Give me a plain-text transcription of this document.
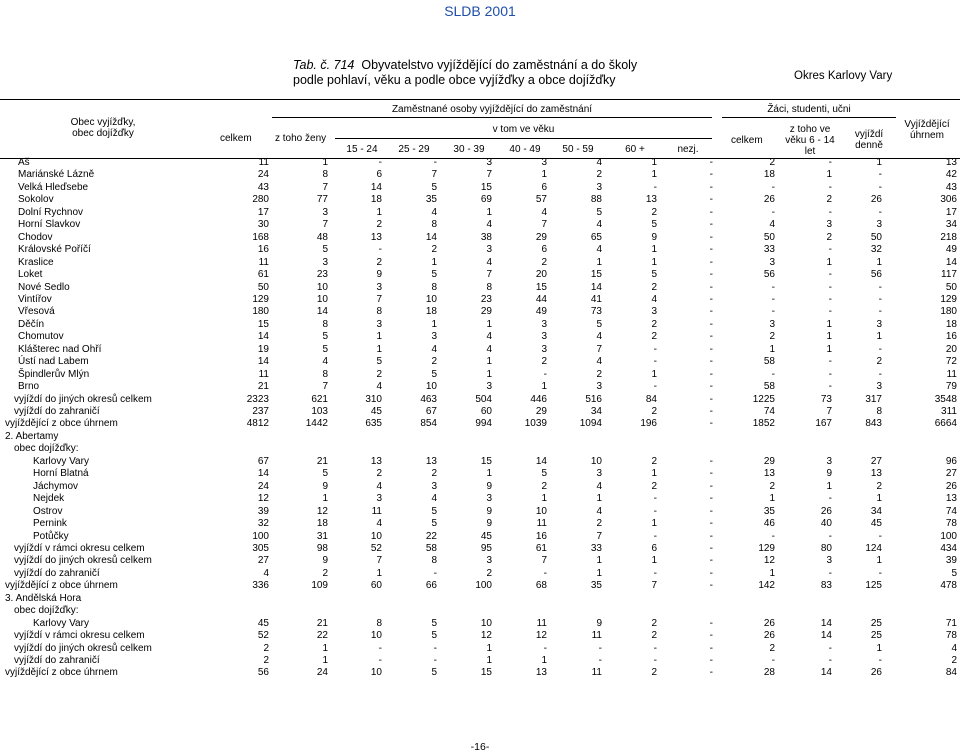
SLDB 2001
Tab. č. 714 Obyvatelstvo vyjíždějící do zaměstnání a do školy
podle pohlaví, věku a podle obce vyjížďky a obce dojížďky	Okres Karlovy Vary
Obec vyjížďky,
obec dojížďky
Zaměstnané osoby vyjíždějící do zaměstnání
celkem z toho ženy
v tom ve věku
15 - 24	25 - 29	30 - 39	40 - 49	50 - 59	60 +	nezj.
Žáci, studenti, učni
celkem
z toho ve
věku 6 - 14
let
vyjíždí
denně
Vyjíždějící
úhrnem
Aš	11	1	-	-	3	3	4	1	-	2	-	1	13
Mariánské Lázně	24	8	6	7	7	1	2	1	-	18	1	-	42
Velká Hleďsebe	43	7	14	5	15	6	3	-	-	-	-	-	43
Sokolov	280	77	18	35	69	57	88	13	-	26	2	26	306
Dolní Rychnov	17	3	1	4	1	4	5	2	-	-	-	-	17
Horní Slavkov	30	7	2	8	4	7	4	5	-	4	3	3	34
Chodov	168	48	13	14	38	29	65	9	-	50	2	50	218
Královské Poříčí	16	5	-	2	3	6	4	1	-	33	-	32	49
Kraslice	11	3	2	1	4	2	1	1	-	3	1	1	14
Loket	61	23	9	5	7	20	15	5	-	56	-	56	117
Nové Sedlo	50	10	3	8	8	15	14	2	-	-	-	-	50
Vintířov	129	10	7	10	23	44	41	4	-	-	-	-	129
Vřesová	180	14	8	18	29	49	73	3	-	-	-	-	180
Děčín	15	8	3	1	1	3	5	2	-	3	1	3	18
Chomutov	14	5	1	3	4	3	4	2	-	2	1	1	16
Klášterec nad Ohří	19	5	1	4	4	3	7	-	-	1	1	-	20
Ústí nad Labem	14	4	5	2	1	2	4	-	-	58	-	2	72
Špindlerův Mlýn	11	8	2	5	1	-	2	1	-	-	-	-	11
Brno	21	7	4	10	3	1	3	-	-	58	-	3	79
vyjíždí do jiných okresů celkem	2323	621	310	463	504	446	516	84	-	1225	73	317	3548
vyjíždí do zahraničí	237	103	45	67	60	29	34	2	-	74	7	8	311
vyjíždějící z obce úhrnem	4812	1442	635	854	994	1039	1094	196	-	1852	167	843	6664
2. Abertamy
obec dojížďky:
Karlovy Vary	67	21	13	13	15	14	10	2	-	29	3	27	96
Horní Blatná	14	5	2	2	1	5	3	1	-	13	9	13	27
Jáchymov	24	9	4	3	9	2	4	2	-	2	1	2	26
Nejdek	12	1	3	4	3	1	1	-	-	1	-	1	13
Ostrov	39	12	11	5	9	10	4	-	-	35	26	34	74
Pernink	32	18	4	5	9	11	2	1	-	46	40	45	78
Potůčky	100	31	10	22	45	16	7	-	-	-	-	-	100
vyjíždí v rámci okresu celkem	305	98	52	58	95	61	33	6	-	129	80	124	434
vyjíždí do jiných okresů celkem	27	9	7	8	3	7	1	1	-	12	3	1	39
vyjíždí do zahraničí	4	2	1	-	2	-	1	-	-	1	-	-	5
vyjíždějící z obce úhrnem	336	109	60	66	100	68	35	7	-	142	83	125	478
3. Andělská Hora
obec dojížďky:
Karlovy Vary	45	21	8	5	10	11	9	2	-	26	14	25	71
vyjíždí v rámci okresu celkem	52	22	10	5	12	12	11	2	-	26	14	25	78
vyjíždí do jiných okresů celkem	2	1	-	-	1	-	-	-	-	2	-	1	4
vyjíždí do zahraničí	2	1	-	-	1	1	-	-	-	-	-	-	2
vyjíždějící z obce úhrnem	56	24	10	5	15	13	11	2	-	28	14	26	84
-16-
